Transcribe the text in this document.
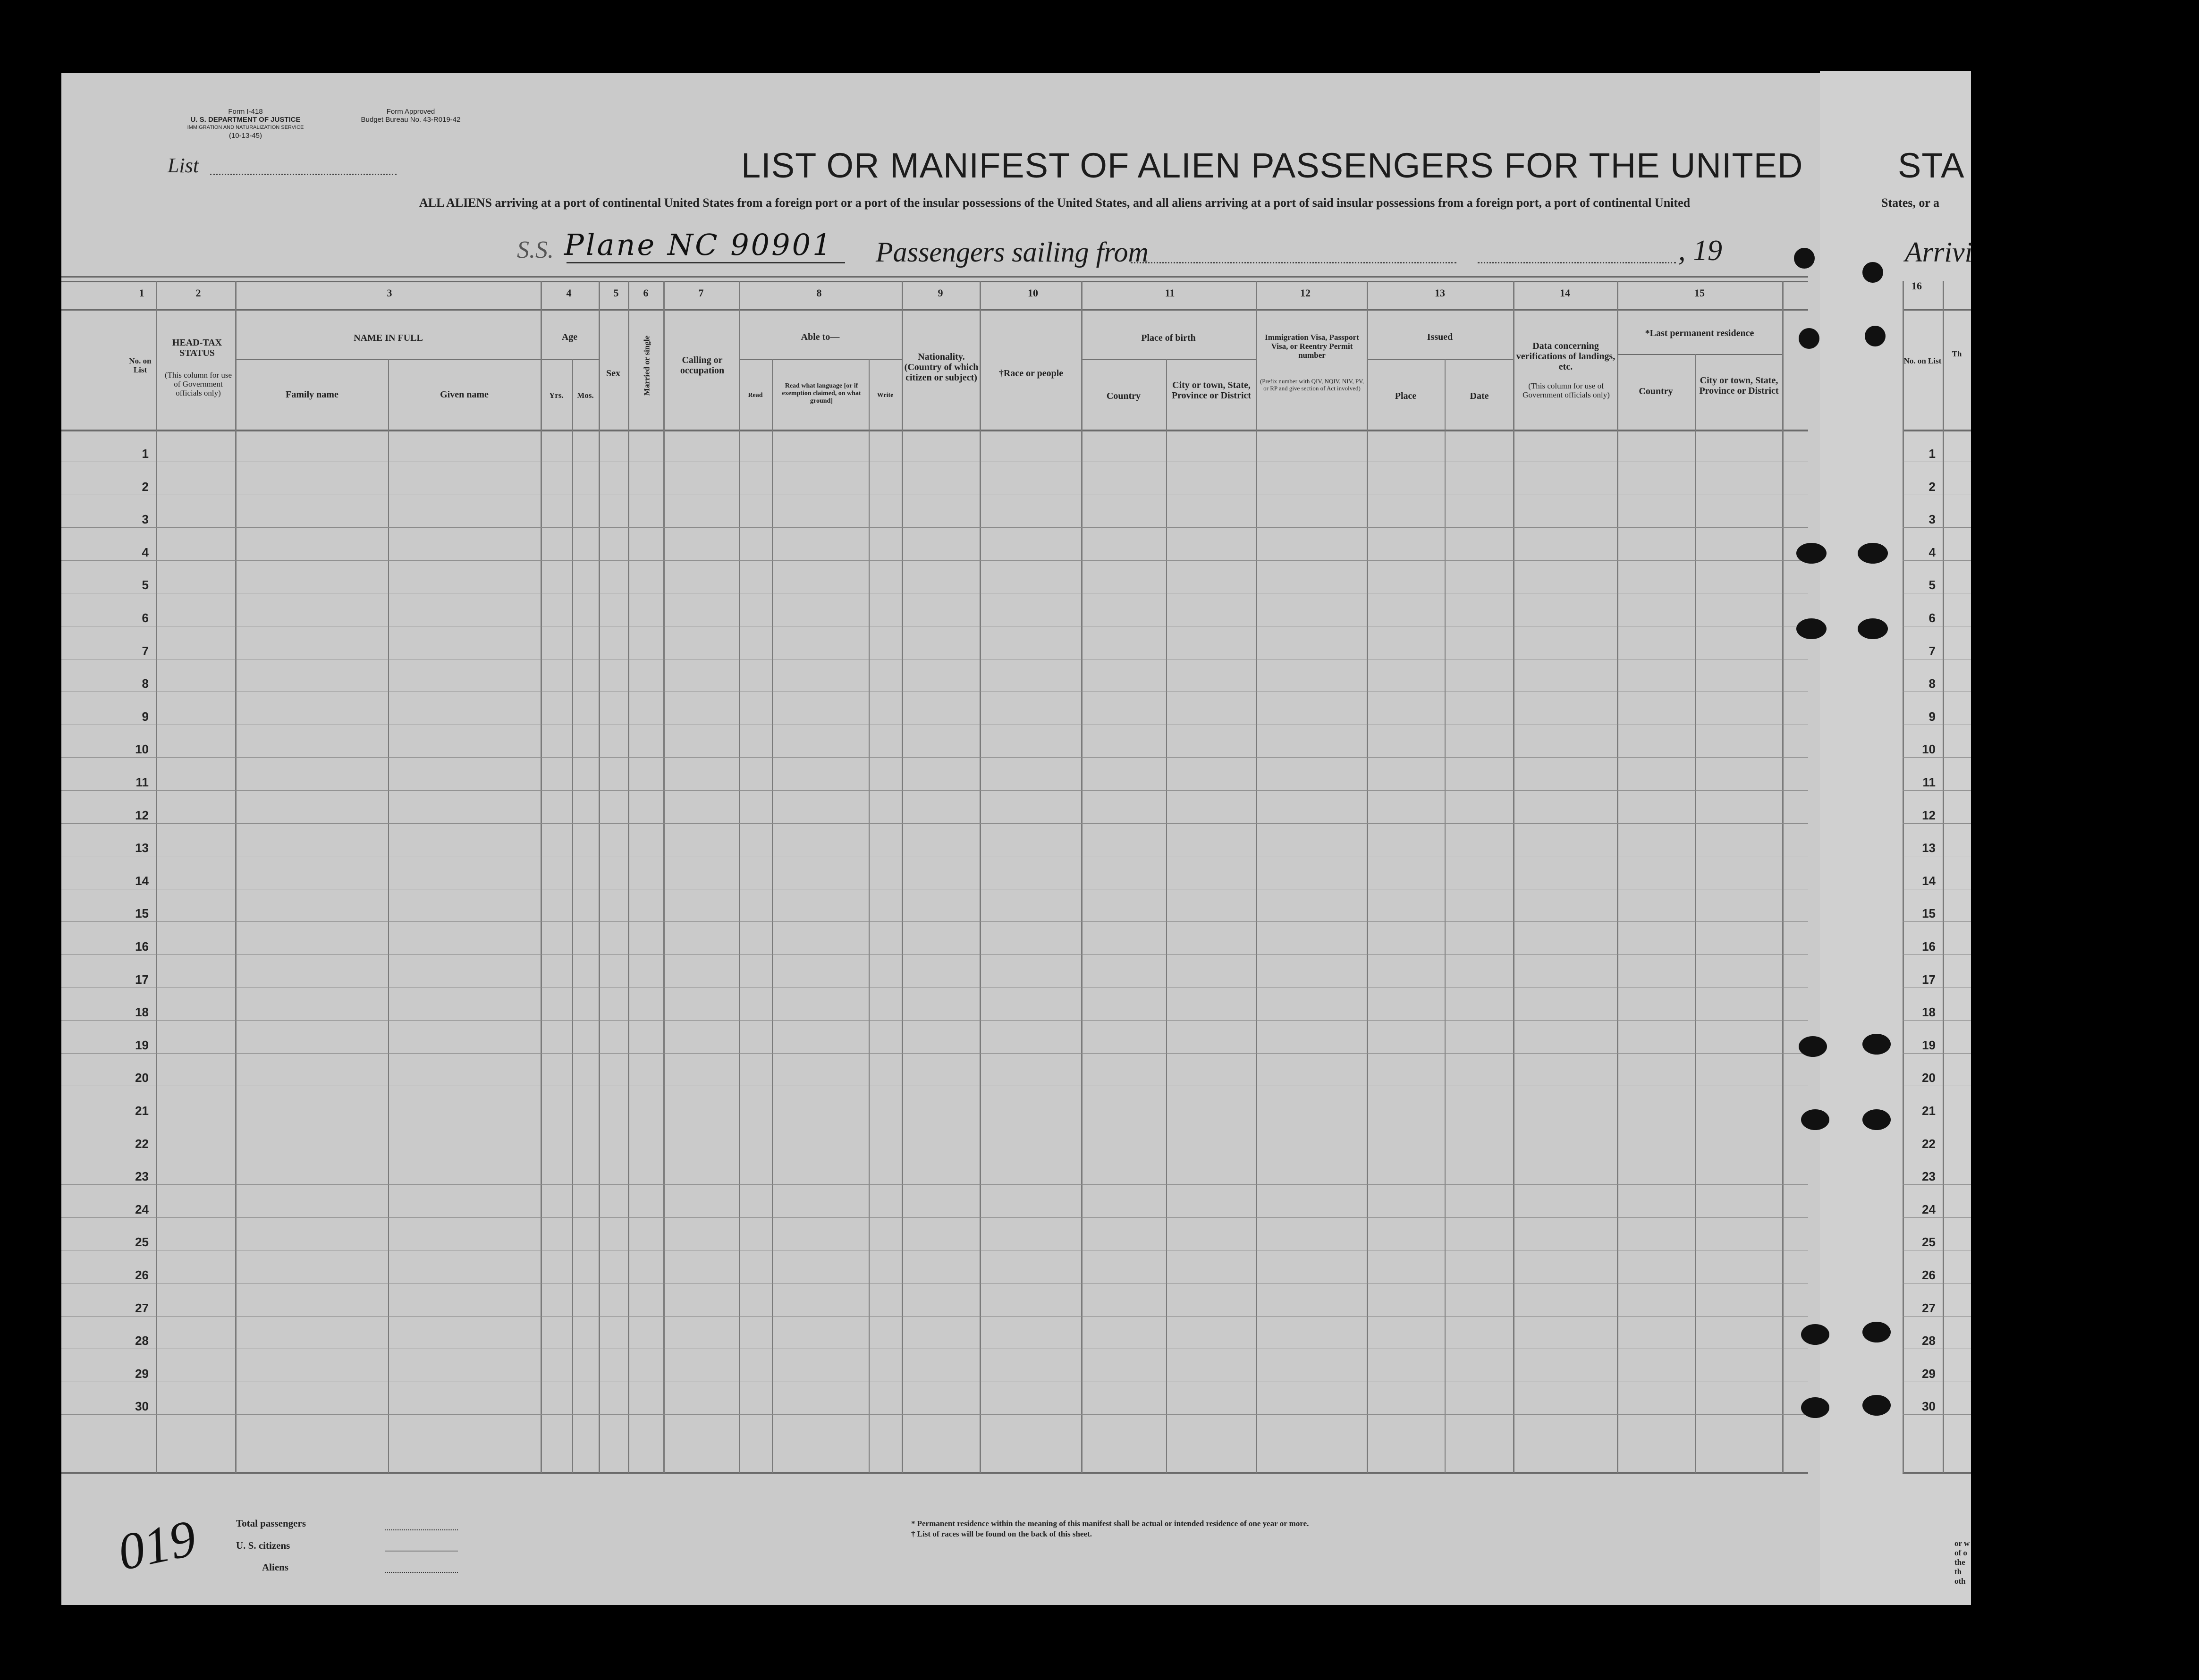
Form I-418
U. S. DEPARTMENT OF JUSTICE
IMMIGRATION AND NATURALIZATION SERVICE
(10-13-45)
Form Approved
Budget Bureau No. 43-R019-42
List	LIST OR MANIFEST OF ALIEN PASSENGERS FOR THE UNITED	STA
ALL ALIENS arriving at a port of continental United States from a foreign port or a port of the insular possessions of the United States, and all aliens arriving at a port of said insular possessions from a foreign port, a port of continental United	States, or a
S.S. Plane NC 90901 Passengers sailing from	, 19	Arrivi
1	2	3	4	5	6	7	8	9	10	11	12	13	14	15
16
No. on List
HEAD-TAX STATUS
(This column for use of Government officials only)
NAME IN FULL
Family name	Given name
Age
Yrs.	Mos.
Sex	Married or single	Calling or occupation
Able to—
Read
Read what language [or if exemption claimed, on what ground]
Write
Nationality. (Country of which citizen or subject)	†Race or people
Place of birth
Country
City or town, State, Province or District
Immigration Visa, Passport Visa, or Reentry Permit number
(Prefix number with QIV, NQIV, NIV, PV, or RP and give section of Act involved)
Issued
Place	Date
Data concerning verifications of landings, etc.
(This column for use of Government officials only)
*Last permanent residence
Country
City or town, State, Province or District
No. on List
Th
1	1
2	2
3	3
4	4
5	5
6	6
7	7
8	8
9	9
10	10
11	11
12	12
13	13
14	14
15	15
16	16
17	17
18	18
19	19
20	20
21	21
22	22
23	23
24	24
25	25
26	26
27	27
28	28
29	29
30	30
019	Total passengers
U. S. citizens
Aliens
* Permanent residence within the meaning of this manifest shall be actual or intended residence of one year or more.
† List of races will be found on the back of this sheet.
or w of o the th oth
